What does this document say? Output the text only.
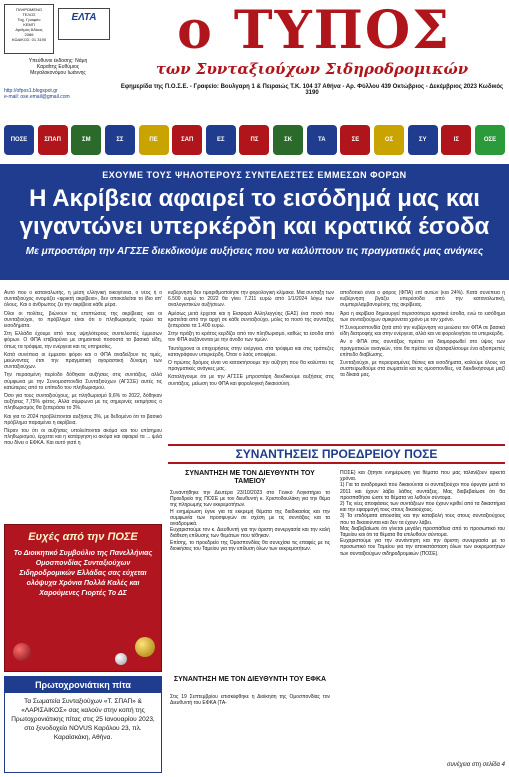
ΠΛΗΡΩΜΕΝΟ
ΤΕΛΟΣ
Ταχ. Γραφείο
ΚΕΜΠ
Αριθμός Άδειας
2086
ΚΩΔΙΚΟΣ: 01 3190
ΕΛΤΑ
Υπεύθυνοι έκδοσης: Νάμη
Καραΐτης Ευθύμιος
Μεγαλοκονόμου Ιωάννης
http://ofpos1.blogspot.gr
e-mail: ose.email@gmail.com
ο ΤΥΠΟΣ
των Συνταξιούχων Σιδηροδρομικών
Εφημερίδα της Π.Ο.Σ.Ε. - Γραφείο: Βουλγαρη 1 & Πειραιώς Τ.Κ. 104 37 Αθήνα - Αρ. Φύλλου 439 Οκτώβριος - Δεκέμβριος 2023 Κωδικός 3190
ΠΟΣΕ	ΣΠΑΠ	ΣΜ	ΣΣ	ΠΕ	ΣΑΠ	ΕΣ	ΠΣ	ΣΚ	ΤΑ	ΣΕ	ΟΣ	ΣΥ	ΙΣ	ΟΣΕ
ΕΧΟΥΜΕ ΤΟΥΣ ΨΗΛΟΤΕΡΟΥΣ ΣΥΝΤΕΛΕΣΤΕΣ ΕΜΜΕΣΩΝ ΦΟΡΩΝ
Η Ακρίβεια αφαιρεί το εισόδημά μας και γιγαντώνει υπερκέρδη και κρατικά έσοδα
Με μπροστάρη την ΑΓΣΣΕ διεκδικούμε αυξήσεις που να καλύπτουν τις πραγματικές μας ανάγκες

Αυτό που ο καταναλωτής, η μέση ελληνική οικογένεια, ο νέος ή ο συνταξιούχος ονομάζει «φρικτή ακρίβεια», δεν αποκαλείται το ίδιο απ' όλους. Και ο άνθρωπος ζει την ακρίβεια κάθε μέρα.

Όλοι οι πολίτες, βιώνουν τις επιπτώσεις της ακρίβειας και οι συνταξιούχοι, το πρόβλημα είναι ότι ο πληθωρισμός τρώει τα εισοδήματα.

Στη Ελλάδα έχουμε από τους υψηλότερους συντελεστές έμμεσων φόρων. Ο ΦΠΑ επιβαρύνει με σημαντικά ποσοστά τα βασικά είδη, όπως τα τρόφιμα, την ενέργεια και τις υπηρεσίες.

Κατά συνέπεια οι έμμεσοι φόροι και ο ΦΠΑ αναδείζουν τις τιμές, μειώνοντας έτσι την πραγματική αγοραστική δύναμη των συνταξιούχων.

Την περασμένη περίοδο δόθηκαν αυξήσεις στις συντάξεις, αλλά σύμφωνα με την Συνομοσπονδία Συνταξιούχων (ΑΓΣΣΕ) αυτές τις κατώτερες από το επίπεδο του πληθωρισμού.

Όσο για τους συνταξιούχους, με πληθωρισμό 9,6% το 2022, δόθηκαν αυξήσεις 7,75% φέτος. Αλλά σύμφωνα με τις σημερινές εκτιμήσεις ο πληθωρισμός θα ξεπεράσει το 3%.

Και για το 2024 προβλέπονται αυξήσεις 3%, με δεδομένο ότι το βασικό πρόβλημα παραμένει η ακρίβεια.

Πέραν του ότι οι αυξήσεις υπολείπονται ακόμα και του επίσημου πληθωρισμού, έρχεται και η κατάργηση κι ακόμα και αφαιρεί τα ... ψιλά που δίνει ο ΕΦΚΑ. Και αυτό γιατί η

κυβέρνηση δεν τιμαριθμοποίησε την φορολογική κλίμακα. Μια συνταξη των 6.500 ευρώ το 2022 θα γίνει 7.211 ευρώ από 1/1/2024 λόγω των αναλογιστικών αυξήσεων.

Αμέσως μετά έρχεται και η Εισφορά Αλληλεγγύης (ΕΑΣ) ένα ποσό που κρατείται από την αρχή σε κάθε συνταξιούχο, μόλις το ποσό της συνταξης ξεπεράσει τα 1.400 ευρώ.

Στην πράξη το κράτος κερδίζει από τον πληθωρισμό, καθώς τα έσοδα από τον ΦΠΑ αυξάνονται με την άνοδο των τιμών.

Ταυτόχρονα οι επιχειρήσεις στην ενέργεια, στα τρόφιμα και στις τράπεζες καταγράφουν υπερκέρδη. Όταν ο λαός υποφέρει.

Ο πρώτος δρόμος είναι να κατακτήσουμε την αύξηση που θα καλύπτει τις πραγματικές ανάγκες μας.

Καταλήγουμε ότι με την ΑΓΣΣΕ μπροστάρη διεκδικούμε αυξήσεις στις συντάξεις, μείωση του ΦΠΑ και φορολογική δικαιοσύνη.

αποδοτικό είναι ο φόρος (ΦΠΑ) επί αυτών (και 24%). Κατά συνέπεια η κυβέρνηση βγάζει υπερέσοδα από την καταναλωτική, συμπεριλαμβανομένης της ακρίβειας.

Άρα η ακρίβεια δημιουργεί περισσότερα κρατικά έσοδα, ενώ το εισόδημα των συνταξιούχων σμικρύνεται χρόνο με τον χρόνο.

Η Συνομοσπονδία ζητά από την κυβέρνηση να μειώσει τον ΦΠΑ σε βασικά είδη διατροφής και στην ενέργεια, αλλά και να φορολογήσει τα υπερκέρδη.

Αν ο ΦΠΑ στις συντάξεις πρέπει να διαμορφωθεί στο ύψος των πραγματικών αναγκών, τότε θα πρέπει να εξασφαλίσουμε ένα αξιοπρεπές επίπεδο διαβίωσης.

Συνταξιούχοι, με περιορισμένες θέσεις και εισοδήματα, καλούμε όλους να συσπειρωθούμε στα σωματεία και τις ομοσπονδίες, να διεκδικήσουμε μαζί τα δίκαιά μας.

Ευχές από την ΠΟΣΕ
Το Διοικητικό Συμβούλιο της Πανελλήνιας Ομοσπονδίας Συνταξιούχων Σιδηροδρομικών Ελλάδας σας εύχεται ολόψυχα Χρόνια Πολλά Καλές και Χαρούμενες Γιορτές Το ΔΣ
Πρωτοχρονιάτικη πίτα
Τα Σωματεία Συνταξιούχων «Τ. ΣΠΑΠ» & «ΛΑΡΙΣΑΙΚΟΣ» σας καλούν στην κοπή της Πρωτοχρονιάτικης πίτας στις 25 Ιανουαρίου 2023, στο ξενοδοχείο NOVUS Καρόλου 23, πλ. Καραϊσκάκη, Αθήνα.
ΣΥΝΑΝΤΗΣΕΙΣ ΠΡΟΕΔΡΕΙΟΥ ΠΟΣΕ
ΣΥΝΑΝΤΗΣΗ ΜΕ ΤΟΝ ΔΙΕΥΘΥΝΤΗ ΤΟΥ ΤΑΜΕΙΟΥ

Συναντήθηκε την Δευτέρα 23/10/2023 στο Γενικό Λογιστήριο το Προεδρείο της ΠΟΣΕ με τον διευθυντή κ. Χριστοδουλάκη για την θέμα της πληρωμής των εκκρεμοτήτων.

Η ενημέρωση έγινε για τα εκκρεμή θέματα της διαδικασίας και την συμφωνία των προσφυγών σε σχέση με τις συντάξεις και τα αναδρομικά.

Ευχαριστούμε τον κ. Διευθυντή για την άριστη συνεργασία και την καλή διάθεση επίλυσης των θεμάτων που τέθηκαν.

Επίσης, το προεδρείο της Ομοσπονδίας θα συνεχίσει τις επαφές με τις διοικήσεις του Ταμείου για την επίλυση όλων των εκκρεμοτήτων.

ΣΥΝΑΝΤΗΣΗ ΜΕ ΤΟΝ ΔΙΕΥΘΥΝΤΗ ΤΟΥ ΕΦΚΑ

Στις 19 Σεπτεμβρίου επισκέφθηκε η Διοίκηση της Ομοσπονδίας τον Διευθυντή του ΕΦΚΑ (ΤΑ-

ΠΟΣΕ) και ζήτησε ενημέρωση για θέματα που μας ταλανίζουν αρκετά χρόνια.

1) Για τα αναδρομικά που δικαιούνται οι συνταξιούχοι που έφυγαν μετά το 2011 και έχουν λάβει λάθος συντάξεις. Μας διαβεβαίωσε ότι θα προσπαθήσει ώστε τα θέματα να λυθούν σύντομα.

2) Τις νέες αποφάσεις των συντάξεων που έχουν κριθεί από τα δικαστήρια και την εφαρμογή τους στους δικαιούχους.

3) Τα επιδόματα απουσίας και την καταβολή τους στους συνταξιούχους που τα δικαιούνται και δεν τα έχουν λάβει.

Μας διαβεβαίωσε ότι γίνεται μεγάλη προσπάθεια από το προσωπικό του Ταμείου και ότι τα θέματα θα επιλυθούν σύντομα.

Ευχαριστούμε για την συνάντηση και την άριστη συνεργασία με το προσωπικό του Ταμείου για την αποκατάσταση όλων των εκκρεμοτήτων των συνταξιούχων σιδηροδρομικών (ΠΟΣΕ).

συνέχεια στη σελίδα 4
